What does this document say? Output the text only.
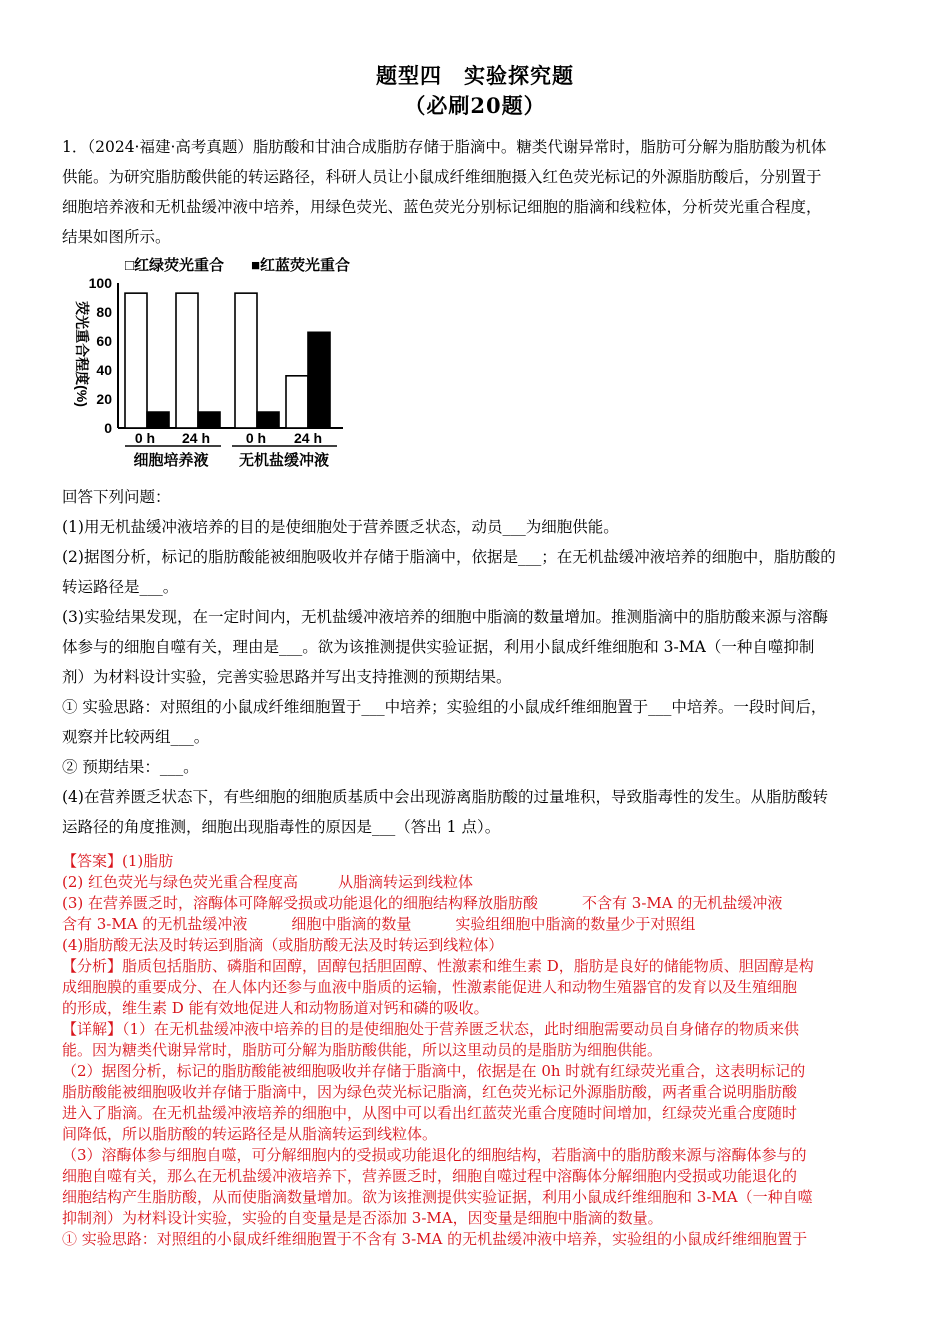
题型四　实验探究题
（必刷20题）

1．（2024·福建·高考真题）脂肪酸和甘油合成脂肪存储于脂滴中。糖类代谢异常时，脂肪可分解为脂肪酸为机体

供能。为研究脂肪酸供能的转运路径，科研人员让小鼠成纤维细胞摄入红色荧光标记的外源脂肪酸后，分别置于

细胞培养液和无机盐缓冲液中培养，用绿色荧光、蓝色荧光分别标记细胞的脂滴和线粒体，分析荧光重合程度，

结果如图所示。

□红绿荧光重合 ■红蓝荧光重合
荧光重合程度(%)
0
20
40
60
80
100
0 h 24 h	0 h 24 h
细胞培养液 无机盐缓冲液

回答下列问题：

(1)用无机盐缓冲液培养的目的是使细胞处于营养匮乏状态，动员___为细胞供能。

(2)据图分析，标记的脂肪酸能被细胞吸收并存储于脂滴中，依据是___；在无机盐缓冲液培养的细胞中，脂肪酸的

转运路径是___。

(3)实验结果发现，在一定时间内，无机盐缓冲液培养的细胞中脂滴的数量增加。推测脂滴中的脂肪酸来源与溶酶

体参与的细胞自噬有关，理由是___。欲为该推测提供实验证据，利用小鼠成纤维细胞和 3-MA（一种自噬抑制

剂）为材料设计实验，完善实验思路并写出支持推测的预期结果。

① 实验思路：对照组的小鼠成纤维细胞置于___中培养；实验组的小鼠成纤维细胞置于___中培养。一段时间后，

观察并比较两组___。

② 预期结果：___。

(4)在营养匮乏状态下，有些细胞的细胞质基质中会出现游离脂肪酸的过量堆积，导致脂毒性的发生。从脂肪酸转

运路径的角度推测，细胞出现脂毒性的原因是___（答出 1 点）。

【答案】(1)脂肪

(2) 红色荧光与绿色荧光重合程度高	从脂滴转运到线粒体

(3) 在营养匮乏时，溶酶体可降解受损或功能退化的细胞结构释放脂肪酸	不含有 3-MA 的无机盐缓冲液

含有 3-MA 的无机盐缓冲液	细胞中脂滴的数量	实验组细胞中脂滴的数量少于对照组

(4)脂肪酸无法及时转运到脂滴（或脂肪酸无法及时转运到线粒体）

【分析】脂质包括脂肪、磷脂和固醇，固醇包括胆固醇、性激素和维生素 D，脂肪是良好的储能物质、胆固醇是构

成细胞膜的重要成分、在人体内还参与血液中脂质的运输，性激素能促进人和动物生殖器官的发育以及生殖细胞

的形成，维生素 D 能有效地促进人和动物肠道对钙和磷的吸收。

【详解】（1）在无机盐缓冲液中培养的目的是使细胞处于营养匮乏状态，此时细胞需要动员自身储存的物质来供

能。因为糖类代谢异常时，脂肪可分解为脂肪酸供能，所以这里动员的是脂肪为细胞供能。

（2）据图分析，标记的脂肪酸能被细胞吸收并存储于脂滴中，依据是在 0h 时就有红绿荧光重合，这表明标记的

脂肪酸能被细胞吸收并存储于脂滴中，因为绿色荧光标记脂滴，红色荧光标记外源脂肪酸，两者重合说明脂肪酸

进入了脂滴。在无机盐缓冲液培养的细胞中，从图中可以看出红蓝荧光重合度随时间增加，红绿荧光重合度随时

间降低，所以脂肪酸的转运路径是从脂滴转运到线粒体。

（3）溶酶体参与细胞自噬，可分解细胞内的受损或功能退化的细胞结构，若脂滴中的脂肪酸来源与溶酶体参与的

细胞自噬有关，那么在无机盐缓冲液培养下，营养匮乏时，细胞自噬过程中溶酶体分解细胞内受损或功能退化的

细胞结构产生脂肪酸，从而使脂滴数量增加。欲为该推测提供实验证据，利用小鼠成纤维细胞和 3-MA（一种自噬

抑制剂）为材料设计实验，实验的自变量是是否添加 3-MA，因变量是细胞中脂滴的数量。

① 实验思路：对照组的小鼠成纤维细胞置于不含有 3-MA 的无机盐缓冲液中培养，实验组的小鼠成纤维细胞置于
